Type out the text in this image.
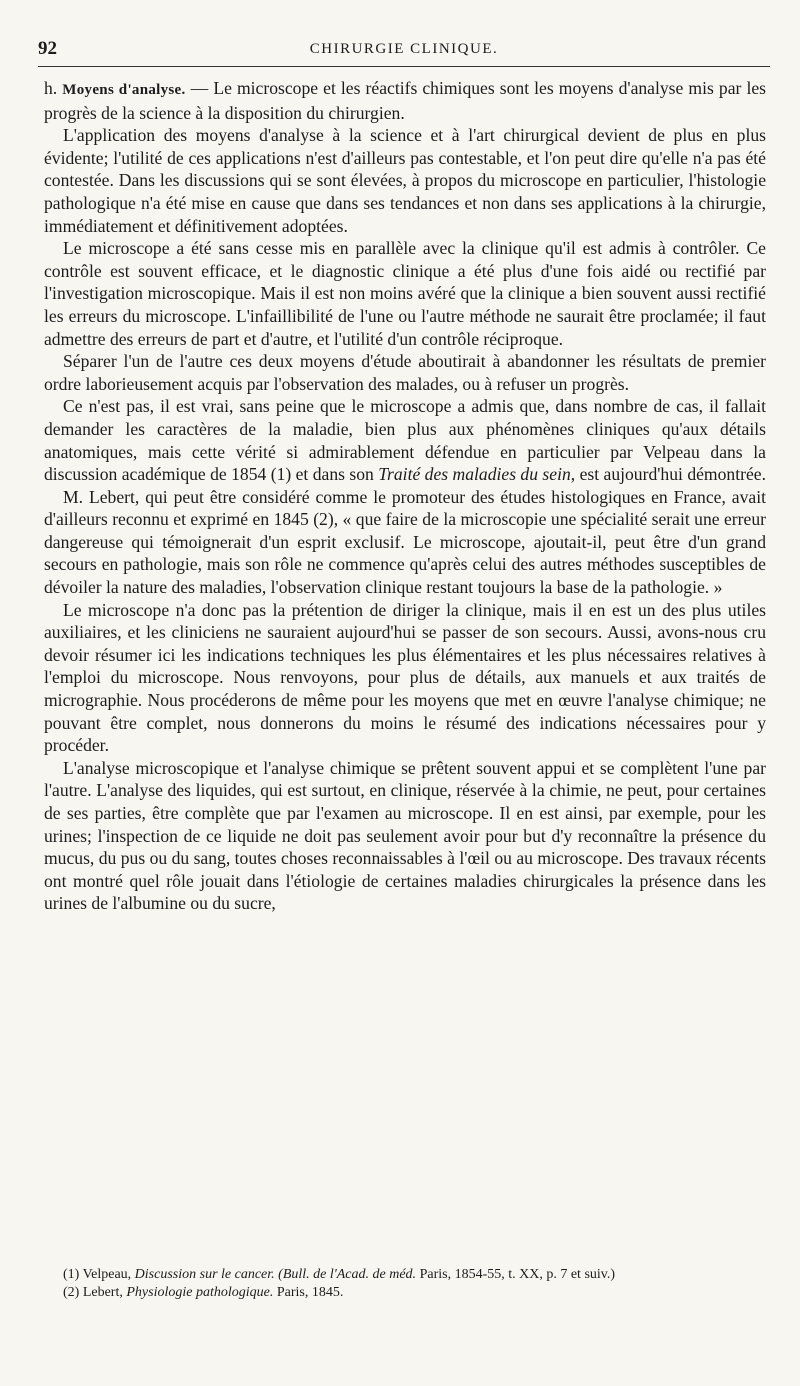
92	CHIRURGIE CLINIQUE.

h. Moyens d'analyse. — Le microscope et les réactifs chimiques sont les moyens d'analyse mis par les progrès de la science à la disposition du chirurgien.

L'application des moyens d'analyse à la science et à l'art chirurgical devient de plus en plus évidente; l'utilité de ces applications n'est d'ailleurs pas contestable, et l'on peut dire qu'elle n'a pas été contestée. Dans les discussions qui se sont élevées, à propos du microscope en particulier, l'histologie pathologique n'a été mise en cause que dans ses tendances et non dans ses applications à la chirurgie, immédiatement et définitivement adoptées.

Le microscope a été sans cesse mis en parallèle avec la clinique qu'il est admis à contrôler. Ce contrôle est souvent efficace, et le diagnostic clinique a été plus d'une fois aidé ou rectifié par l'investigation microscopique. Mais il est non moins avéré que la clinique a bien souvent aussi rectifié les erreurs du microscope. L'infaillibilité de l'une ou l'autre méthode ne saurait être proclamée; il faut admettre des erreurs de part et d'autre, et l'utilité d'un contrôle réciproque.

Séparer l'un de l'autre ces deux moyens d'étude aboutirait à abandonner les résultats de premier ordre laborieusement acquis par l'observation des malades, ou à refuser un progrès.

Ce n'est pas, il est vrai, sans peine que le microscope a admis que, dans nombre de cas, il fallait demander les caractères de la maladie, bien plus aux phénomènes cliniques qu'aux détails anatomiques, mais cette vérité si admirablement défendue en particulier par Velpeau dans la discussion académique de 1854 (1) et dans son Traité des maladies du sein, est aujourd'hui démontrée.

M. Lebert, qui peut être considéré comme le promoteur des études histologiques en France, avait d'ailleurs reconnu et exprimé en 1845 (2), « que faire de la microscopie une spécialité serait une erreur dangereuse qui témoignerait d'un esprit exclusif. Le microscope, ajoutait-il, peut être d'un grand secours en pathologie, mais son rôle ne commence qu'après celui des autres méthodes susceptibles de dévoiler la nature des maladies, l'observation clinique restant toujours la base de la pathologie. »

Le microscope n'a donc pas la prétention de diriger la clinique, mais il en est un des plus utiles auxiliaires, et les cliniciens ne sauraient aujourd'hui se passer de son secours. Aussi, avons-nous cru devoir résumer ici les indications techniques les plus élémentaires et les plus nécessaires relatives à l'emploi du microscope. Nous renvoyons, pour plus de détails, aux manuels et aux traités de micrographie. Nous procéderons de même pour les moyens que met en œuvre l'analyse chimique; ne pouvant être complet, nous donnerons du moins le résumé des indications nécessaires pour y procéder.

L'analyse microscopique et l'analyse chimique se prêtent souvent appui et se complètent l'une par l'autre. L'analyse des liquides, qui est surtout, en clinique, réservée à la chimie, ne peut, pour certaines de ses parties, être complète que par l'examen au microscope. Il en est ainsi, par exemple, pour les urines; l'inspection de ce liquide ne doit pas seulement avoir pour but d'y reconnaître la présence du mucus, du pus ou du sang, toutes choses reconnaissables à l'œil ou au microscope. Des travaux récents ont montré quel rôle jouait dans l'étiologie de certaines maladies chirurgicales la présence dans les urines de l'albumine ou du sucre,

(1) Velpeau, Discussion sur le cancer. (Bull. de l'Acad. de méd. Paris, 1854-55, t. XX, p. 7 et suiv.)

(2) Lebert, Physiologie pathologique. Paris, 1845.
